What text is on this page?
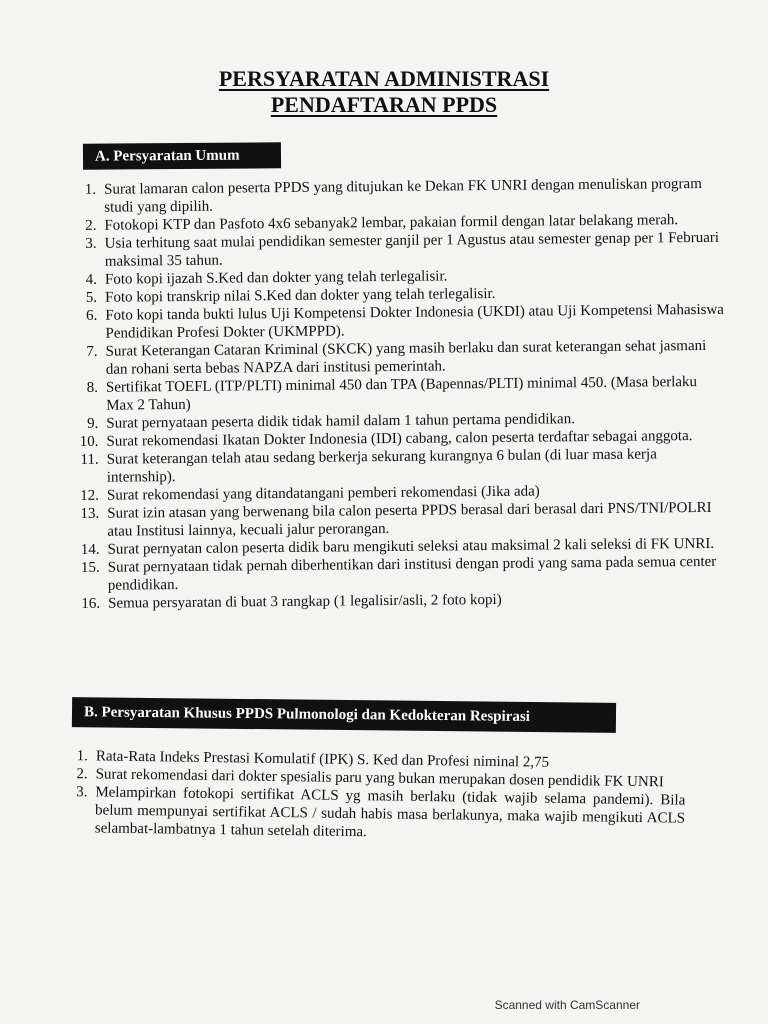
PERSYARATAN ADMINISTRASI
PENDAFTARAN PPDS
A. Persyaratan Umum
1. Surat lamaran calon peserta PPDS yang ditujukan ke Dekan FK UNRI dengan menuliskan program studi yang dipilih.
2. Fotokopi KTP dan Pasfoto 4x6 sebanyak2 lembar, pakaian formil dengan latar belakang merah.
3. Usia terhitung saat mulai pendidikan semester ganjil per 1 Agustus atau semester genap per 1 Februari maksimal 35 tahun.
4. Foto kopi ijazah S.Ked dan dokter yang telah terlegalisir.
5. Foto kopi transkrip nilai S.Ked dan dokter yang telah terlegalisir.
6. Foto kopi tanda bukti lulus Uji Kompetensi Dokter Indonesia (UKDI) atau Uji Kompetensi Mahasiswa Pendidikan Profesi Dokter (UKMPPD).
7. Surat Keterangan Cataran Kriminal (SKCK) yang masih berlaku dan surat keterangan sehat jasmani dan rohani serta bebas NAPZA dari institusi pemerintah.
8. Sertifikat TOEFL (ITP/PLTI) minimal 450 dan TPA (Bapennas/PLTI) minimal 450. (Masa berlaku Max 2 Tahun)
9. Surat pernyataan peserta didik tidak hamil dalam 1 tahun pertama pendidikan.
10. Surat rekomendasi Ikatan Dokter Indonesia (IDI) cabang, calon peserta terdaftar sebagai anggota.
11. Surat keterangan telah atau sedang berkerja sekurang kurangnya 6 bulan (di luar masa kerja internship).
12. Surat rekomendasi yang ditandatangani pemberi rekomendasi (Jika ada)
13. Surat izin atasan yang berwenang bila calon peserta PPDS berasal dari berasal dari PNS/TNI/POLRI atau Institusi lainnya, kecuali jalur perorangan.
14. Surat pernyatan calon peserta didik baru mengikuti seleksi atau maksimal 2 kali seleksi di FK UNRI.
15. Surat pernyataan tidak pernah diberhentikan dari institusi dengan prodi yang sama pada semua center pendidikan.
16. Semua persyaratan di buat 3 rangkap (1 legalisir/asli, 2 foto kopi)
B. Persyaratan Khusus PPDS Pulmonologi dan Kedokteran Respirasi
1. Rata-Rata Indeks Prestasi Komulatif (IPK) S. Ked dan Profesi niminal 2,75
2. Surat rekomendasi dari dokter spesialis paru yang bukan merupakan dosen pendidik FK UNRI
3. Melampirkan fotokopi sertifikat ACLS yg masih berlaku (tidak wajib selama pandemi). Bila belum mempunyai sertifikat ACLS / sudah habis masa berlakunya, maka wajib mengikuti ACLS selambat-lambatnya 1 tahun setelah diterima.
Scanned with CamScanner
